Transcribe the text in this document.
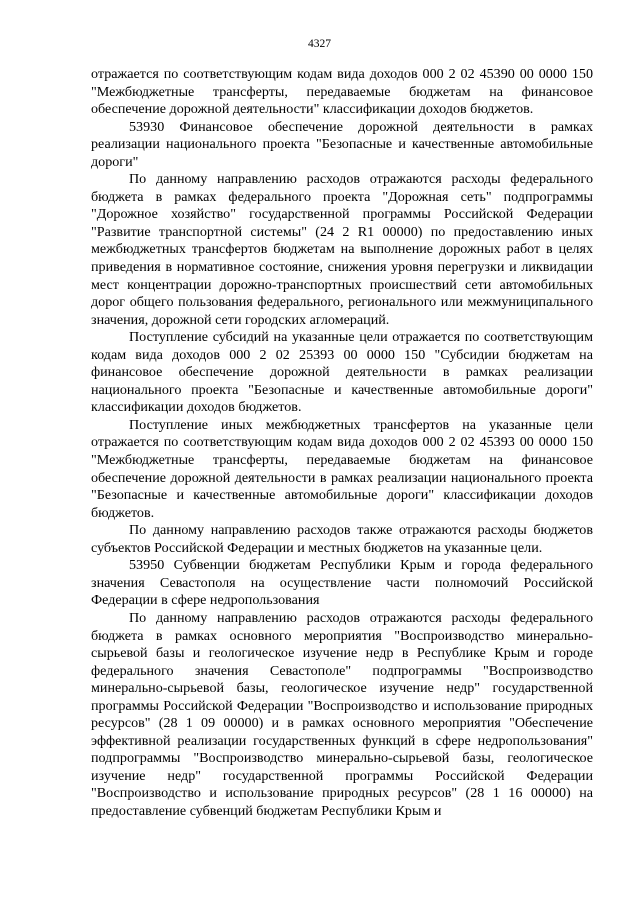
4327

отражается по соответствующим кодам вида доходов 000 2 02 45390 00 0000 150 "Межбюджетные трансферты, передаваемые бюджетам на финансовое обеспечение дорожной деятельности" классификации доходов бюджетов.

53930 Финансовое обеспечение дорожной деятельности в рамках реализации национального проекта "Безопасные и качественные автомобильные дороги"

По данному направлению расходов отражаются расходы федерального бюджета в рамках федерального проекта "Дорожная сеть" подпрограммы "Дорожное хозяйство" государственной программы Российской Федерации "Развитие транспортной системы" (24 2 R1 00000) по предоставлению иных межбюджетных трансфертов бюджетам на выполнение дорожных работ в целях приведения в нормативное состояние, снижения уровня перегрузки и ликвидации мест концентрации дорожно-транспортных происшествий сети автомобильных дорог общего пользования федерального, регионального или межмуниципального значения, дорожной сети городских агломераций.

Поступление субсидий на указанные цели отражается по соответствующим кодам вида доходов 000 2 02 25393 00 0000 150 "Субсидии бюджетам на финансовое обеспечение дорожной деятельности в рамках реализации национального проекта "Безопасные и качественные автомобильные дороги" классификации доходов бюджетов.

Поступление иных межбюджетных трансфертов на указанные цели отражается по соответствующим кодам вида доходов 000 2 02 45393 00 0000 150 "Межбюджетные трансферты, передаваемые бюджетам на финансовое обеспечение дорожной деятельности в рамках реализации национального проекта "Безопасные и качественные автомобильные дороги" классификации доходов бюджетов.

По данному направлению расходов также отражаются расходы бюджетов субъектов Российской Федерации и местных бюджетов на указанные цели.

53950 Субвенции бюджетам Республики Крым и города федерального значения Севастополя на осуществление части полномочий Российской Федерации в сфере недропользования

По данному направлению расходов отражаются расходы федерального бюджета в рамках основного мероприятия "Воспроизводство минерально-сырьевой базы и геологическое изучение недр в Республике Крым и городе федерального значения Севастополе" подпрограммы "Воспроизводство минерально-сырьевой базы, геологическое изучение недр" государственной программы Российской Федерации "Воспроизводство и использование природных ресурсов" (28 1 09 00000) и в рамках основного мероприятия "Обеспечение эффективной реализации государственных функций в сфере недропользования" подпрограммы "Воспроизводство минерально-сырьевой базы, геологическое изучение недр" государственной программы Российской Федерации "Воспроизводство и использование природных ресурсов" (28 1 16 00000) на предоставление субвенций бюджетам Республики Крым и
